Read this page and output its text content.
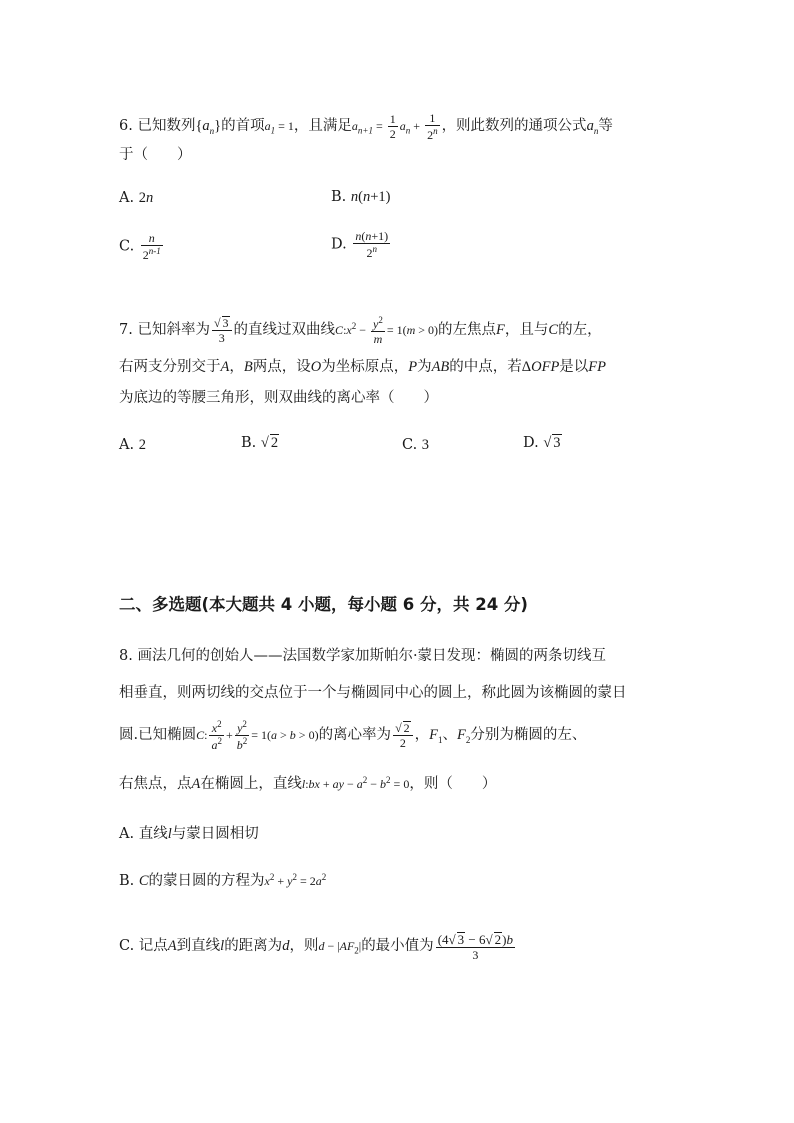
6. 已知数列$\{a_n\}$的首项$a_1 = 1$，且满足$a_{n+1} = \frac{1}{2} a_n + \frac{1}{2^n}$ ，则此数列的通项公式$a_n$等
于（　　）
A. 2n	B. n(n+1)
C. $\frac{n}{2^{n-1}}$	D. $\frac{n(n+1)}{2^n}$
7. 已知斜率为 $\frac{√ 3}{3}$ 的直线过双曲线$C:x^2 - \frac{y^2}{m} = 1(m > 0)$的左焦点F，且与C的左，
右两支分别交于A，B两点，设O为坐标原点，P为AB的中点，若ΔOFP是以FP
为底边的等腰三角形，则双曲线的离心率（　　）
A. 2	B. √ 2	C. 3	D. √ 3
二、多选题(本大题共 4 小题，每小题 6 分，共 24 分)
8. 画法几何的创始人——法国数学家加斯帕尔·蒙日发现：椭圆的两条切线互
相垂直，则两切线的交点位于一个与椭圆同中心的圆上，称此圆为该椭圆的蒙日
圆.已知椭圆C: $\frac{x^2}{a^2} + \frac{y^2}{b^2} = 1(a > b > 0)$的离心率为 $\frac{√ 2}{2}$ ，$F_1$、$F_2$分别为椭圆的左、
右焦点，点A在椭圆上，直线l:bx + ay − $a^2 - b^2 = 0$，则（　　）
A. 直线l与蒙日圆相切
B. C的蒙日圆的方程为$x^2 + y^2 = 2a^2$
C. 记点A到直线l的距离为d，则$d - |AF_2|$的最小值为 $\frac{(4√ 3 - 6√ 2)b}{3}$
